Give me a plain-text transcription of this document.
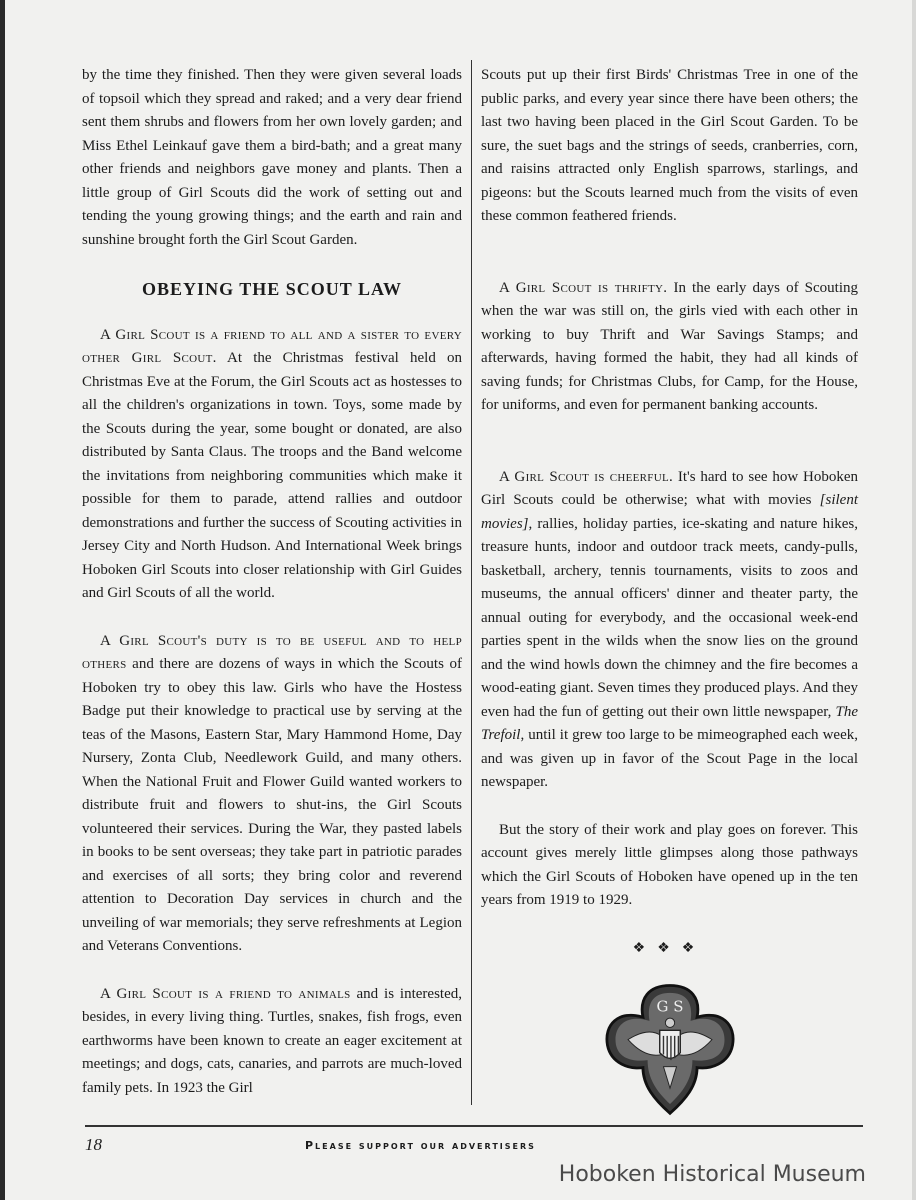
by the time they finished. Then they were given several loads of topsoil which they spread and raked; and a very dear friend sent them shrubs and flowers from her own lovely garden; and Miss Ethel Leinkauf gave them a bird-bath; and a great many other friends and neighbors gave money and plants. Then a little group of Girl Scouts did the work of setting out and tending the young growing things; and the earth and rain and sunshine brought forth the Girl Scout Garden.

OBEYING THE SCOUT LAW

A Girl Scout is a friend to all and a sister to every other Girl Scout. At the Christmas festival held on Christmas Eve at the Forum, the Girl Scouts act as hostesses to all the children's organizations in town. Toys, some made by the Scouts during the year, some bought or donated, are also distributed by Santa Claus. The troops and the Band welcome the invitations from neighboring communities which make it possible for them to parade, attend rallies and outdoor demonstrations and further the success of Scouting activities in Jersey City and North Hudson. And International Week brings Hoboken Girl Scouts into closer relationship with Girl Guides and Girl Scouts of all the world.

A Girl Scout's duty is to be useful and to help others and there are dozens of ways in which the Scouts of Hoboken try to obey this law. Girls who have the Hostess Badge put their knowledge to practical use by serving at the teas of the Masons, Eastern Star, Mary Hammond Home, Day Nursery, Zonta Club, Needlework Guild, and many others. When the National Fruit and Flower Guild wanted workers to distribute fruit and flowers to shut-ins, the Girl Scouts volunteered their services. During the War, they pasted labels in books to be sent overseas; they take part in patriotic parades and exercises of all sorts; they bring color and reverend attention to Decoration Day services in church and the unveiling of war memorials; they serve refreshments at Legion and Veterans Conventions.

A Girl Scout is a friend to animals and is interested, besides, in every living thing. Turtles, snakes, fish frogs, even earthworms have been known to create an eager excitement at meetings; and dogs, cats, canaries, and parrots are much-loved family pets. In 1923 the Girl

Scouts put up their first Birds' Christmas Tree in one of the public parks, and every year since there have been others; the last two having been placed in the Girl Scout Garden. To be sure, the suet bags and the strings of seeds, cranberries, corn, and raisins attracted only English sparrows, starlings, and pigeons: but the Scouts learned much from the visits of even these common feathered friends.

A Girl Scout is thrifty. In the early days of Scouting when the war was still on, the girls vied with each other in working to buy Thrift and War Savings Stamps; and afterwards, having formed the habit, they had all kinds of saving funds; for Christmas Clubs, for Camp, for the House, for uniforms, and even for permanent banking accounts.

A Girl Scout is cheerful. It's hard to see how Hoboken Girl Scouts could be otherwise; what with movies [silent movies], rallies, holiday parties, ice-skating and nature hikes, treasure hunts, indoor and outdoor track meets, candy-pulls, basketball, archery, tennis tournaments, visits to zoos and museums, the annual officers' dinner and theater party, the annual outing for everybody, and the occasional week-end parties spent in the wilds when the snow lies on the ground and the wind howls down the chimney and the fire becomes a wood-eating giant. Seven times they produced plays. And they even had the fun of getting out their own little newspaper, The Trefoil, until it grew too large to be mimeographed each week, and was given up in favor of the Scout Page in the local newspaper.

But the story of their work and play goes on forever. This account gives merely little glimpses along those pathways which the Girl Scouts of Hoboken have opened up in the ten years from 1919 to 1929.

❖❖❖
G S
18	Please support our advertisers
Hoboken Historical Museum
